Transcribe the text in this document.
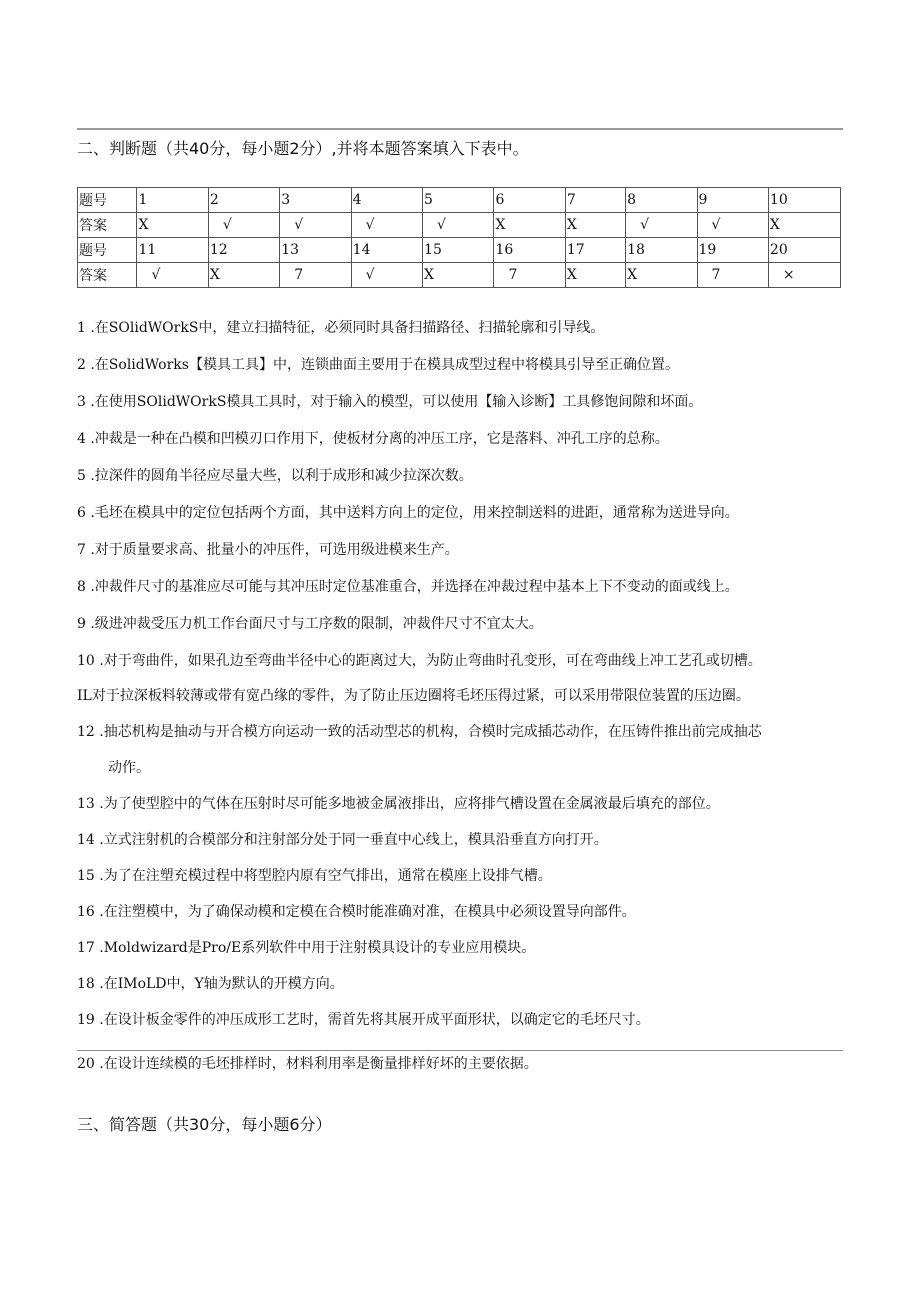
二、判断题（共40分，每小题2分）,并将本题答案填入下表中。
题号	1	2	3	4	5	6	7	8	9	10
答案	X	√	√	√	√	X	X	√	√	X
题号	11	12	13	14	15	16	17	18	19	20
答案	√	X	7	√	X	7	X	X	7	×
1 .在SOlidWOrkS中，建立扫描特征，必须同时具备扫描路径、扫描轮廓和引导线。
2 .在SolidWorks【模具工具】中，连锁曲面主要用于在模具成型过程中将模具引导至正确位置。
3 .在使用SOlidWOrkS模具工具时，对于输入的模型，可以使用【输入诊断】工具修饱间隙和坏面。
4 .冲裁是一种在凸模和凹模刃口作用下，使板材分离的冲压工序，它是落料、冲孔工序的总称。
5 .拉深件的圆角半径应尽量大些，以利于成形和减少拉深次数。
6 .毛坯在模具中的定位包括两个方面，其中送料方向上的定位，用来控制送料的进距，通常称为送进导向。
7 .对于质量要求高、批量小的冲压件，可选用级进模来生产。
8 .冲裁件尺寸的基准应尽可能与其冲压时定位基准重合，并选择在冲裁过程中基本上下不变动的面或线上。
9 .级进冲裁受压力机工作台面尺寸与工序数的限制，冲裁件尺寸不宜太大。
10 .对于弯曲件，如果孔边至弯曲半径中心的距离过大，为防止弯曲时孔变形，可在弯曲线上冲工艺孔或切槽。
IL对于拉深板料较薄或带有宽凸缘的零件，为了防止压边圈将毛坯压得过紧，可以采用带限位装置的压边圈。
12 .抽芯机构是抽动与开合模方向运动一致的活动型芯的机构，合模时完成插芯动作，在压铸件推出前完成抽芯
13 .为了使型腔中的气体在压射时尽可能多地被金属液排出，应将排气槽设置在金属液最后填充的部位。
14 .立式注射机的合模部分和注射部分处于同一垂直中心线上，模具沿垂直方向打开。
15 .为了在注塑充模过程中将型腔内原有空气排出，通常在模座上设排气槽。
16 .在注塑模中，为了确保动模和定模在合模时能准确对准，在模具中必须设置导向部件。
17 .Moldwizard是Pro/E系列软件中用于注射模具设计的专业应用模块。
18 .在IMoLD中，Y轴为默认的开模方向。
19 .在设计板金零件的冲压成形工艺时，需首先将其展开成平面形状，以确定它的毛坯尺寸。
20 .在设计连续模的毛坯排样时，材料利用率是衡量排样好坏的主要依据。
动作。
三、简答题（共30分，每小题6分）
